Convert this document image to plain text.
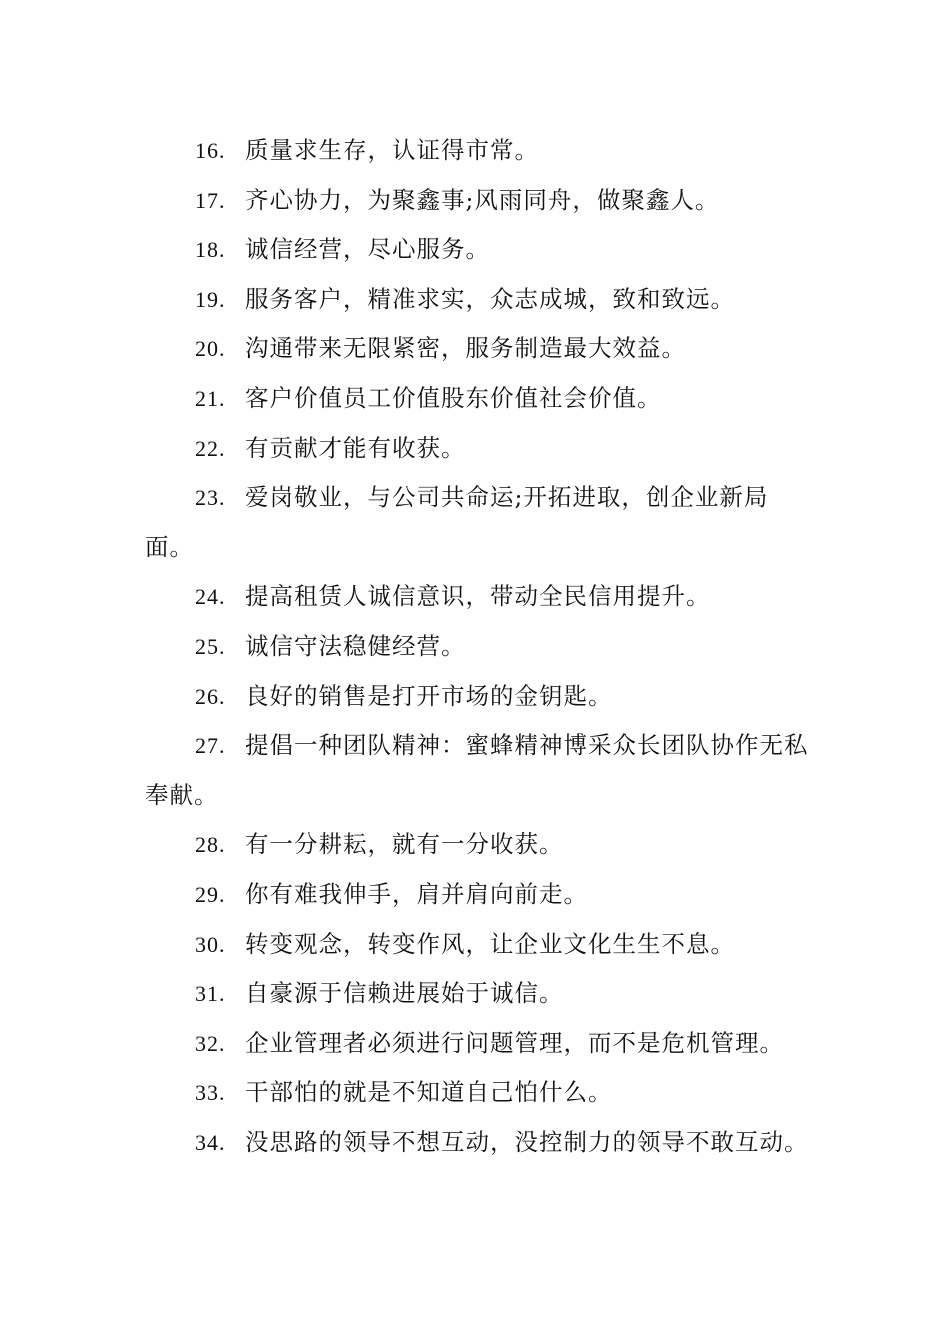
16. 质量求生存，认证得市常。
17. 齐心协力，为聚鑫事;风雨同舟，做聚鑫人。
18. 诚信经营，尽心服务。
19. 服务客户，精准求实，众志成城，致和致远。
20. 沟通带来无限紧密，服务制造最大效益。
21. 客户价值员工价值股东价值社会价值。
22. 有贡献才能有收获。
23. 爱岗敬业，与公司共命运;开拓进取，创企业新局面。
24. 提高租赁人诚信意识，带动全民信用提升。
25. 诚信守法稳健经营。
26. 良好的销售是打开市场的金钥匙。
27. 提倡一种团队精神：蜜蜂精神博采众长团队协作无私奉献。
28. 有一分耕耘，就有一分收获。
29. 你有难我伸手，肩并肩向前走。
30. 转变观念，转变作风，让企业文化生生不息。
31. 自豪源于信赖进展始于诚信。
32. 企业管理者必须进行问题管理，而不是危机管理。
33. 干部怕的就是不知道自己怕什么。
34. 没思路的领导不想互动，没控制力的领导不敢互动。
